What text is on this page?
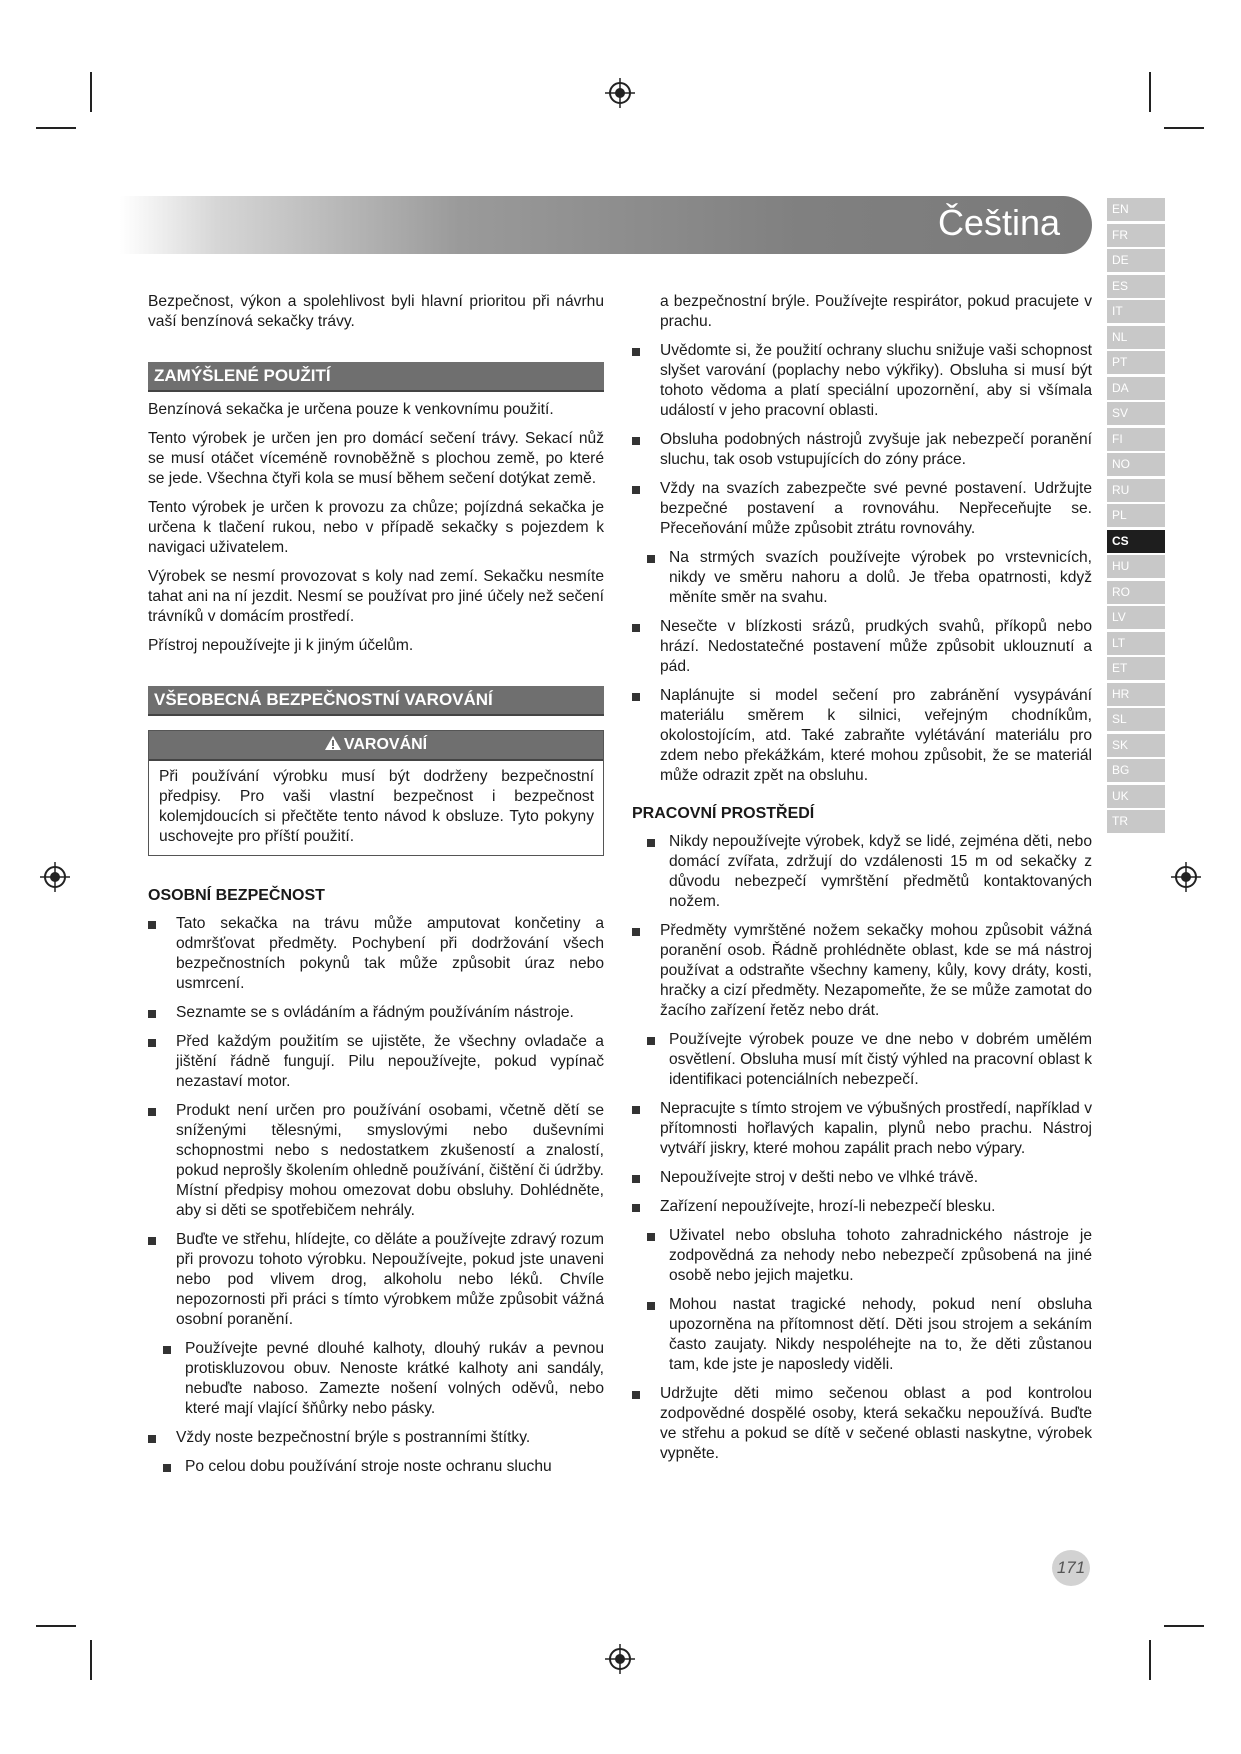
Čeština	EN
FR
DE
ES
IT
NL
PT
DA
SV
FI
NO
RU
PL
CS
HU
RO
LV
LT
ET
HR
SL
SK
BG
UK
TR

Bezpečnost, výkon a spolehlivost byli hlavní prioritou při návrhu vaší benzínová sekačky trávy.

ZAMÝŠLENÉ POUŽITÍ

Benzínová sekačka je určena pouze k venkovnímu použití.

Tento výrobek je určen jen pro domácí sečení trávy. Sekací nůž se musí otáčet víceméně rovnoběžně s plochou země, po které se jede. Všechna čtyři kola se musí během sečení dotýkat země.

Tento výrobek je určen k provozu za chůze; pojízdná sekačka je určena k tlačení rukou, nebo v případě sekačky s pojezdem k navigaci uživatelem.

Výrobek se nesmí provozovat s koly nad zemí. Sekačku nesmíte tahat ani na ní jezdit. Nesmí se používat pro jiné účely než sečení trávníků v domácím prostředí.

Přístroj nepoužívejte ji k jiným účelům.

VŠEOBECNÁ BEZPEČNOSTNÍ VAROVÁNÍ
VAROVÁNÍ
Při používání výrobku musí být dodrženy bezpečnostní předpisy. Pro vaši vlastní bezpečnost i bezpečnost kolemjdoucích si přečtěte tento návod k obsluze. Tyto pokyny uschovejte pro příští použití.
OSOBNÍ BEZPEČNOST
Tato sekačka na trávu může amputovat končetiny a odmršťovat předměty. Pochybení při dodržování všech bezpečnostních pokynů tak může způsobit úraz nebo usmrcení.
Seznamte se s ovládáním a řádným používáním nástroje.
Před každým použitím se ujistěte, že všechny ovladače a jištění řádně fungují. Pilu nepoužívejte, pokud vypínač nezastaví motor.
Produkt není určen pro používání osobami, včetně dětí se sníženými tělesnými, smyslovými nebo duševními schopnostmi nebo s nedostatkem zkušeností a znalostí, pokud neprošly školením ohledně používání, čištění či údržby. Místní předpisy mohou omezovat dobu obsluhy. Dohlédněte, aby si děti se spotřebičem nehrály.
Buďte ve střehu, hlídejte, co děláte a používejte zdravý rozum při provozu tohoto výrobku. Nepoužívejte, pokud jste unaveni nebo pod vlivem drog, alkoholu nebo léků. Chvíle nepozornosti při práci s tímto výrobkem může způsobit vážná osobní poranění.
Používejte pevné dlouhé kalhoty, dlouhý rukáv a pevnou protiskluzovou obuv. Nenoste krátké kalhoty ani sandály, nebuďte naboso. Zamezte nošení volných oděvů, nebo které mají vlající šňůrky nebo pásky.
Vždy noste bezpečnostní brýle s postranními štítky.
Po celou dobu používání stroje noste ochranu sluchu

a bezpečnostní brýle. Používejte respirátor, pokud pracujete v prachu.

Uvědomte si, že použití ochrany sluchu snižuje vaši schopnost slyšet varování (poplachy nebo výkřiky). Obsluha si musí být tohoto vědoma a platí speciální upozornění, aby si všímala událostí v jeho pracovní oblasti.
Obsluha podobných nástrojů zvyšuje jak nebezpečí poranění sluchu, tak osob vstupujících do zóny práce.
Vždy na svazích zabezpečte své pevné postavení. Udržujte bezpečné postavení a rovnováhu. Nepřeceňujte se. Přeceňování může způsobit ztrátu rovnováhy.
Na strmých svazích používejte výrobek po vrstevnicích, nikdy ve směru nahoru a dolů. Je třeba opatrnosti, když měníte směr na svahu.
Nesečte v blízkosti srázů, prudkých svahů, příkopů nebo hrází. Nedostatečné postavení může způsobit uklouznutí a pád.
Naplánujte si model sečení pro zabránění vysypávání materiálu směrem k silnici, veřejným chodníkům, okolostojícím, atd. Také zabraňte vylétávání materiálu pro zdem nebo překážkám, které mohou způsobit, že se materiál může odrazit zpět na obsluhu.
PRACOVNÍ PROSTŘEDÍ
Nikdy nepoužívejte výrobek, když se lidé, zejména děti, nebo domácí zvířata, zdržují do vzdálenosti 15 m od sekačky z důvodu nebezpečí vymrštění předmětů kontaktovaných nožem.
Předměty vymrštěné nožem sekačky mohou způsobit vážná poranění osob. Řádně prohlédněte oblast, kde se má nástroj používat a odstraňte všechny kameny, kůly, kovy dráty, kosti, hračky a cizí předměty. Nezapomeňte, že se může zamotat do žacího zařízení řetěz nebo drát.
Používejte výrobek pouze ve dne nebo v dobrém umělém osvětlení. Obsluha musí mít čistý výhled na pracovní oblast k identifikaci potenciálních nebezpečí.
Nepracujte s tímto strojem ve výbušných prostředí, například v přítomnosti hořlavých kapalin, plynů nebo prachu. Nástroj vytváří jiskry, které mohou zapálit prach nebo výpary.
Nepoužívejte stroj v dešti nebo ve vlhké trávě.
Zařízení nepoužívejte, hrozí-li nebezpečí blesku.
Uživatel nebo obsluha tohoto zahradnického nástroje je zodpovědná za nehody nebo nebezpečí způsobená na jiné osobě nebo jejich majetku.
Mohou nastat tragické nehody, pokud není obsluha upozorněna na přítomnost dětí. Děti jsou strojem a sekáním často zaujaty. Nikdy nespoléhejte na to, že děti zůstanou tam, kde jste je naposledy viděli.
Udržujte děti mimo sečenou oblast a pod kontrolou zodpovědné dospělé osoby, která sekačku nepoužívá. Buďte ve střehu a pokud se dítě v sečené oblasti naskytne, výrobek vypněte.
171
